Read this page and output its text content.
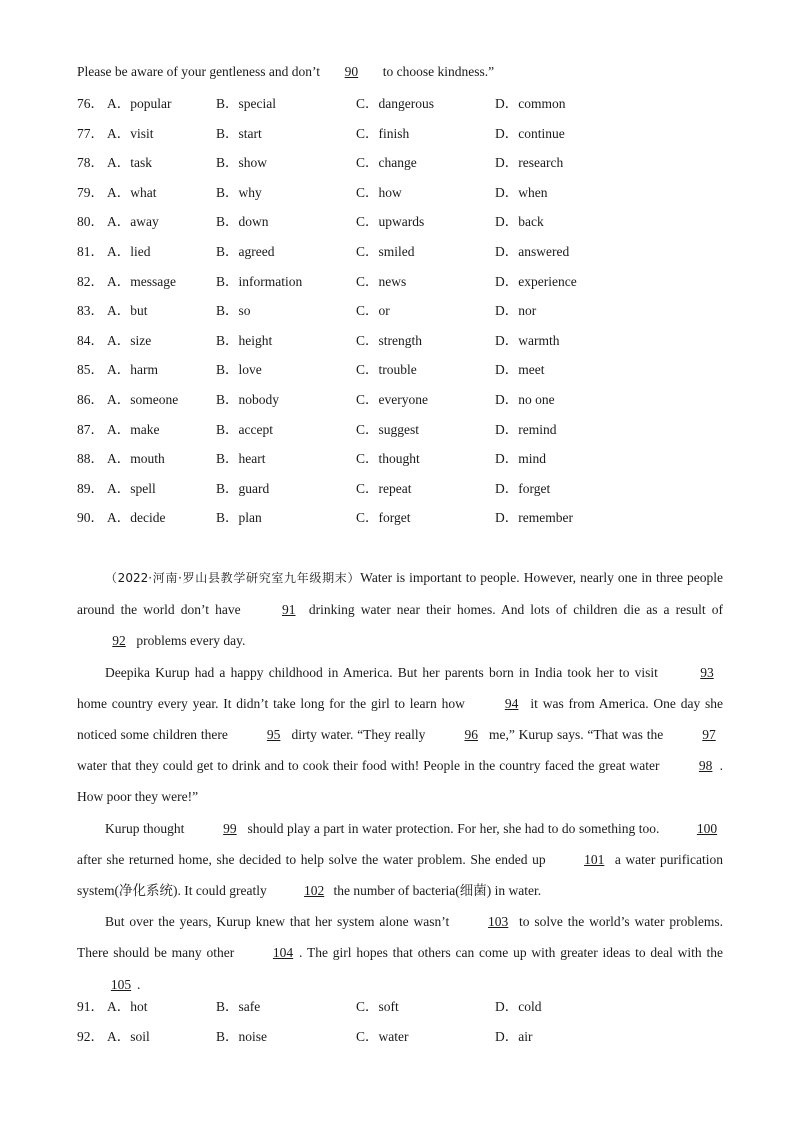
Please be aware of your gentleness and don’t 90 to choose kindness.”
76． A．popular	B．special	C．dangerous	D．common
77． A．visit	B．start	C．finish	D．continue
78． A．task	B．show	C．change	D．research
79． A．what	B．why	C．how	D．when
80． A．away	B．down	C．upwards	D．back
81． A．lied	B．agreed	C．smiled	D．answered
82． A．message	B．information	C．news	D．experience
83． A．but	B．so	C．or	D．nor
84． A．size	B．height	C．strength	D．warmth
85． A．harm	B．love	C．trouble	D．meet
86． A．someone	B．nobody	C．everyone	D．no one
87． A．make	B．accept	C．suggest	D．remind
88． A．mouth	B．heart	C．thought	D．mind
89． A．spell	B．guard	C．repeat	D．forget
90． A．decide	B．plan	C．forget	D．remember

（2022·河南·罗山县教学研究室九年级期末）Water is important to people. However, nearly one in three people around the world don’t have	91 drinking water near their homes. And lots of children die as a result of 92 problems every day.

Deepika Kurup had a happy childhood in America. But her parents born in India took her to visit	93 home country every year. It didn’t take long for the girl to learn how	94 it was from America. One day she noticed some children there	95 dirty water. “They really	96 me,” Kurup says. “That was the	97 water that they could get to drink and to cook their food with! People in the country faced the great water	98 . How poor they were!”

Kurup thought	99 should play a part in water protection. For her, she had to do something too.	100 after she returned home, she decided to help solve the water problem. She ended up	101 a water purification system(净化系统). It could greatly	102 the number of bacteria(细菌) in water.

But over the years, Kurup knew that her system alone wasn’t	103 to solve the world’s water problems. There should be many other	104 . The girl hopes that others can come up with greater ideas to deal with the 105 .

91． A．hot	B．safe	C．soft	D．cold
92． A．soil	B．noise	C．water	D．air
